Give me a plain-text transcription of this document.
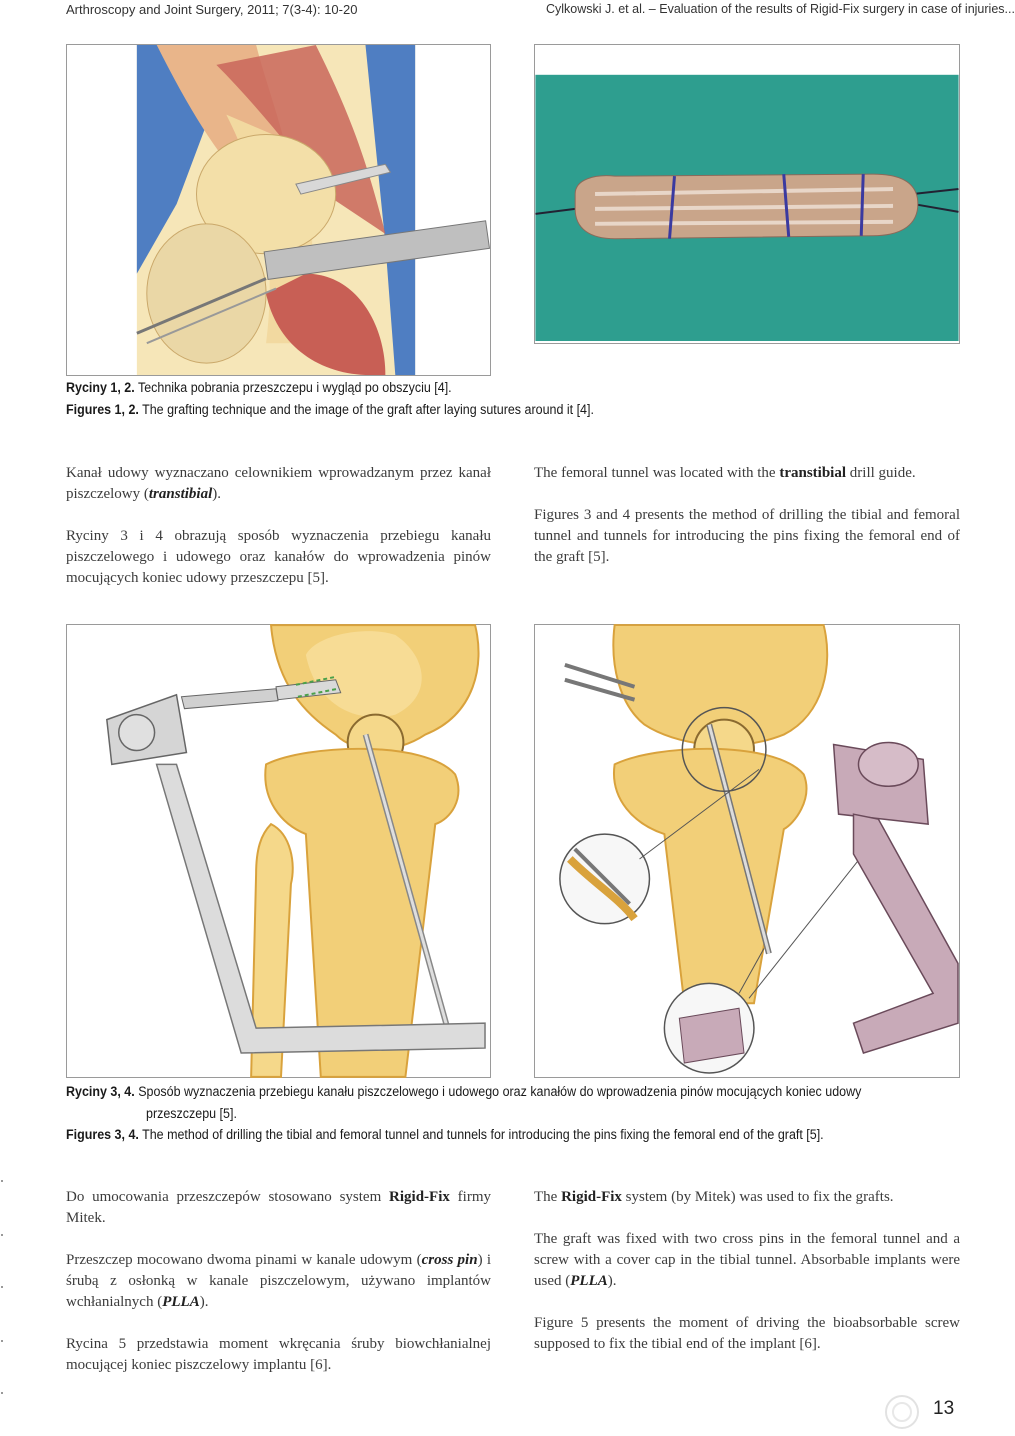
Arthroscopy and Joint Surgery, 2011; 7(3-4): 10-20	Cylkowski J. et al. – Evaluation of the results of Rigid-Fix surgery in case of injuries...
Ryciny 1, 2. Technika pobrania przeszczepu i wygląd po obszyciu [4].
Figures 1, 2. The grafting technique and the image of the graft after laying sutures around it [4].

Kanał udowy wyznaczano celownikiem wprowadzanym przez kanał piszczelowy (transtibial).

Ryciny 3 i 4 obrazują sposób wyznaczenia przebiegu kanału piszczelowego i udowego oraz kanałów do wprowadzenia pinów mocujących koniec udowy przeszczepu [5].

The femoral tunnel was located with the transtibial drill guide.

Figures 3 and 4 presents the method of drilling the tibial and femoral tunnel and tunnels for introducing the pins fixing the femoral end of the graft [5].

Ryciny 3, 4. Sposób wyznaczenia przebiegu kanału piszczelowego i udowego oraz kanałów do wprowadzenia pinów mocujących koniec udowy
przeszczepu [5].
Figures 3, 4. The method of drilling the tibial and femoral tunnel and tunnels for introducing the pins fixing the femoral end of the graft [5].

Do umocowania przeszczepów stosowano system Rigid-Fix firmy Mitek.

Przeszczep mocowano dwoma pinami w kanale udowym (cross pin) i śrubą z osłonką w kanale piszczelowym, używano implantów wchłanialnych (PLLA).

Rycina 5 przedstawia moment wkręcania śruby biowchłanialnej mocującej koniec piszczelowy implantu [6].

The Rigid-Fix system (by Mitek) was used to fix the grafts.

The graft was fixed with two cross pins in the femoral tunnel and a screw with a cover cap in the tibial tunnel. Absorbable implants were used (PLLA).

Figure 5 presents the moment of driving the bioabsorbable screw supposed to fix the tibial end of the implant [6].

13
